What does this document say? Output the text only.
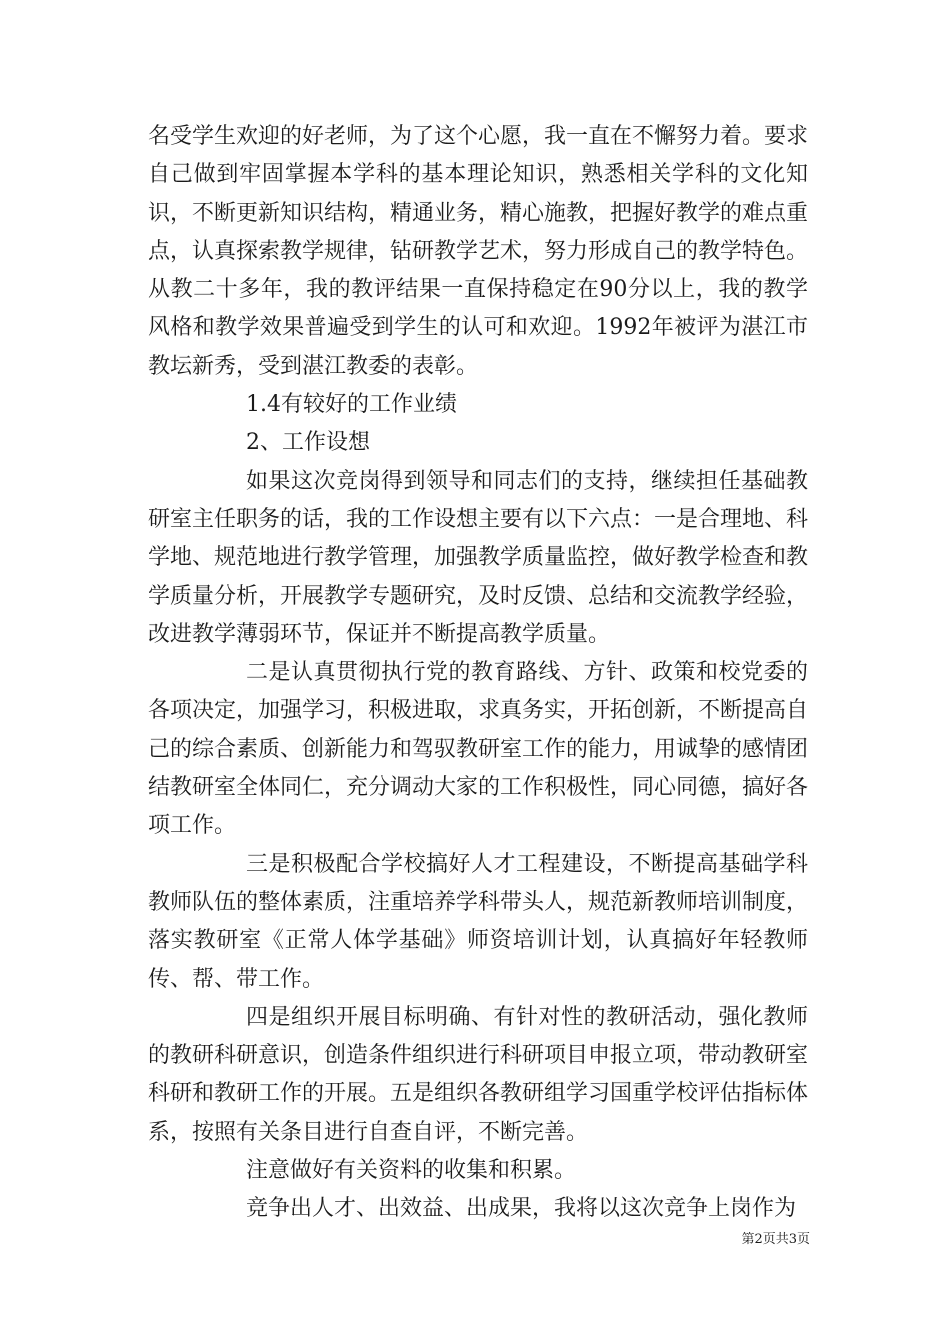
名受学生欢迎的好老师，为了这个心愿，我一直在不懈努力着。要求自己做到牢固掌握本学科的基本理论知识，熟悉相关学科的文化知识，不断更新知识结构，精通业务，精心施教，把握好教学的难点重点，认真探索教学规律，钻研教学艺术，努力形成自己的教学特色。从教二十多年，我的教评结果一直保持稳定在90分以上，我的教学风格和教学效果普遍受到学生的认可和欢迎。1992年被评为湛江市教坛新秀，受到湛江教委的表彰。

1.4有较好的工作业绩

2、工作设想

如果这次竞岗得到领导和同志们的支持，继续担任基础教研室主任职务的话，我的工作设想主要有以下六点：一是合理地、科学地、规范地进行教学管理，加强教学质量监控，做好教学检查和教学质量分析，开展教学专题研究，及时反馈、总结和交流教学经验，改进教学薄弱环节，保证并不断提高教学质量。

二是认真贯彻执行党的教育路线、方针、政策和校党委的各项决定，加强学习，积极进取，求真务实，开拓创新，不断提高自己的综合素质、创新能力和驾驭教研室工作的能力，用诚挚的感情团结教研室全体同仁，充分调动大家的工作积极性，同心同德，搞好各项工作。

三是积极配合学校搞好人才工程建设，不断提高基础学科教师队伍的整体素质，注重培养学科带头人，规范新教师培训制度，落实教研室《正常人体学基础》师资培训计划，认真搞好年轻教师传、帮、带工作。

四是组织开展目标明确、有针对性的教研活动，强化教师的教研科研意识，创造条件组织进行科研项目申报立项，带动教研室科研和教研工作的开展。五是组织各教研组学习国重学校评估指标体系，按照有关条目进行自查自评，不断完善。

注意做好有关资料的收集和积累。

竞争出人才、出效益、出成果，我将以这次竞争上岗作为

第2页共3页
